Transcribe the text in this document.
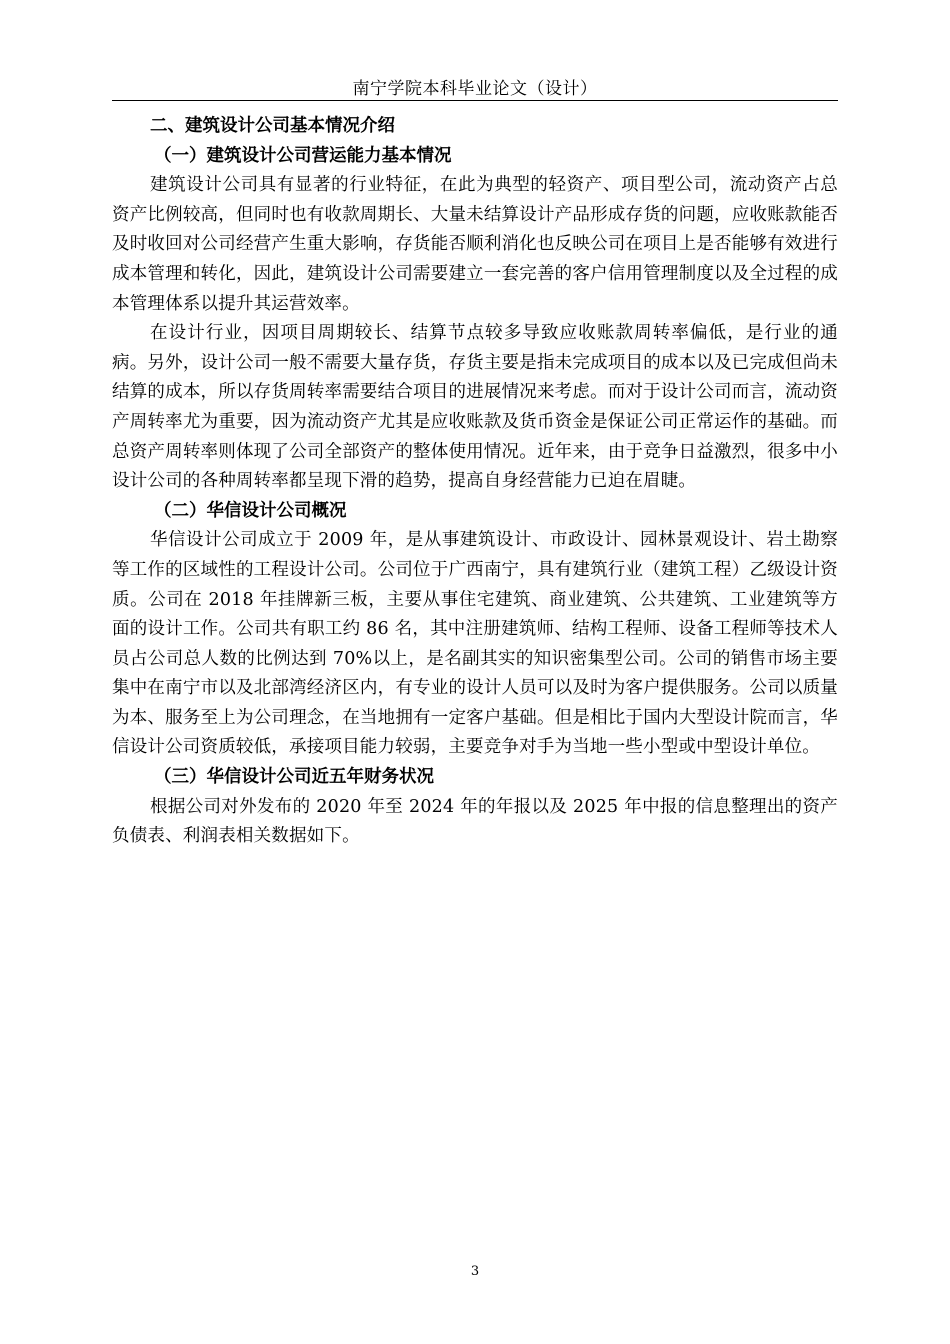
南宁学院本科毕业论文（设计）
二、建筑设计公司基本情况介绍
（一）建筑设计公司营运能力基本情况

建筑设计公司具有显著的行业特征，在此为典型的轻资产、项目型公司，流动资产占总资产比例较高，但同时也有收款周期长、大量未结算设计产品形成存货的问题，应收账款能否及时收回对公司经营产生重大影响，存货能否顺利消化也反映公司在项目上是否能够有效进行成本管理和转化，因此，建筑设计公司需要建立一套完善的客户信用管理制度以及全过程的成本管理体系以提升其运营效率。

在设计行业，因项目周期较长、结算节点较多导致应收账款周转率偏低，是行业的通病。另外，设计公司一般不需要大量存货，存货主要是指未完成项目的成本以及已完成但尚未结算的成本，所以存货周转率需要结合项目的进展情况来考虑。而对于设计公司而言，流动资产周转率尤为重要，因为流动资产尤其是应收账款及货币资金是保证公司正常运作的基础。而总资产周转率则体现了公司全部资产的整体使用情况。近年来，由于竞争日益激烈，很多中小设计公司的各种周转率都呈现下滑的趋势，提高自身经营能力已迫在眉睫。

（二）华信设计公司概况

华信设计公司成立于 2009 年，是从事建筑设计、市政设计、园林景观设计、岩土勘察等工作的区域性的工程设计公司。公司位于广西南宁，具有建筑行业（建筑工程）乙级设计资质。公司在 2018 年挂牌新三板，主要从事住宅建筑、商业建筑、公共建筑、工业建筑等方面的设计工作。公司共有职工约 86 名，其中注册建筑师、结构工程师、设备工程师等技术人员占公司总人数的比例达到 70%以上，是名副其实的知识密集型公司。公司的销售市场主要集中在南宁市以及北部湾经济区内，有专业的设计人员可以及时为客户提供服务。公司以质量为本、服务至上为公司理念，在当地拥有一定客户基础。但是相比于国内大型设计院而言，华信设计公司资质较低，承接项目能力较弱，主要竞争对手为当地一些小型或中型设计单位。

（三）华信设计公司近五年财务状况

根据公司对外发布的 2020 年至 2024 年的年报以及 2025 年中报的信息整理出的资产负债表、利润表相关数据如下。

3
